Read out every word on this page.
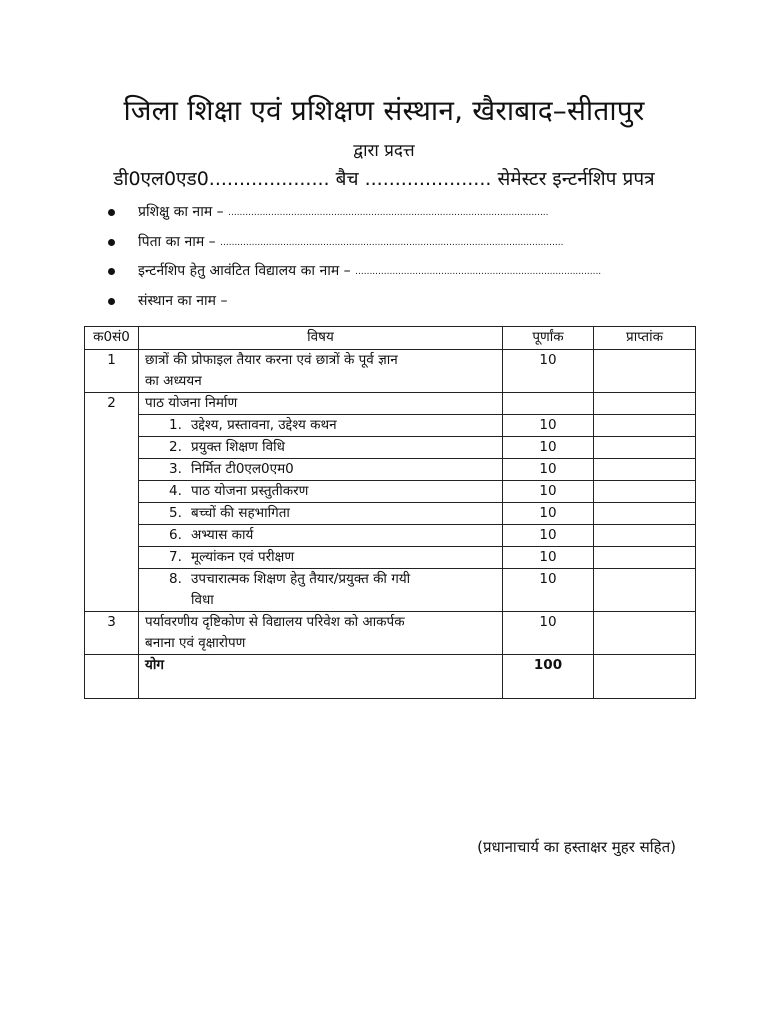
जिला शिक्षा एवं प्रशिक्षण संस्थान, खैराबाद–सीतापुर
द्वारा प्रदत्त
डी0एल0एड0.................... बैच ..................... सेमेस्टर इन्टर्नशिप प्रपत्र
प्रशिक्षु का नाम – ................................................................................................................
पिता का नाम – ........................................................................................................................
इन्टर्नशिप हेतु आवंटित विद्यालय का नाम – ......................................................................................
संस्थान का नाम –
क0सं0	विषय	पूर्णांक	प्राप्तांक
1	छात्रों की प्रोफाइल तैयार करना एवं छात्रों के पूर्व ज्ञान
का अध्ययन	10	
2	पाठ योजना निर्माण		
	1. उद्देश्य, प्रस्तावना, उद्देश्य कथन	10	
	2. प्रयुक्त शिक्षण विधि	10	
	3. निर्मित टी0एल0एम0	10	
	4. पाठ योजना प्रस्तुतीकरण	10	
	5. बच्चों की सहभागिता	10	
	6. अभ्यास कार्य	10	
	7. मूल्यांकन एवं परीक्षण	10	

	8. उपचारात्मक शिक्षण हेतु तैयार/प्रयुक्त की गयी
विधा	10	
3	पर्यावरणीय दृष्टिकोण से विद्यालय परिवेश को आकर्पक
बनाना एवं वृक्षारोपण	10	
	योग	100	
(प्रधानाचार्य का हस्ताक्षर मुहर सहित)
